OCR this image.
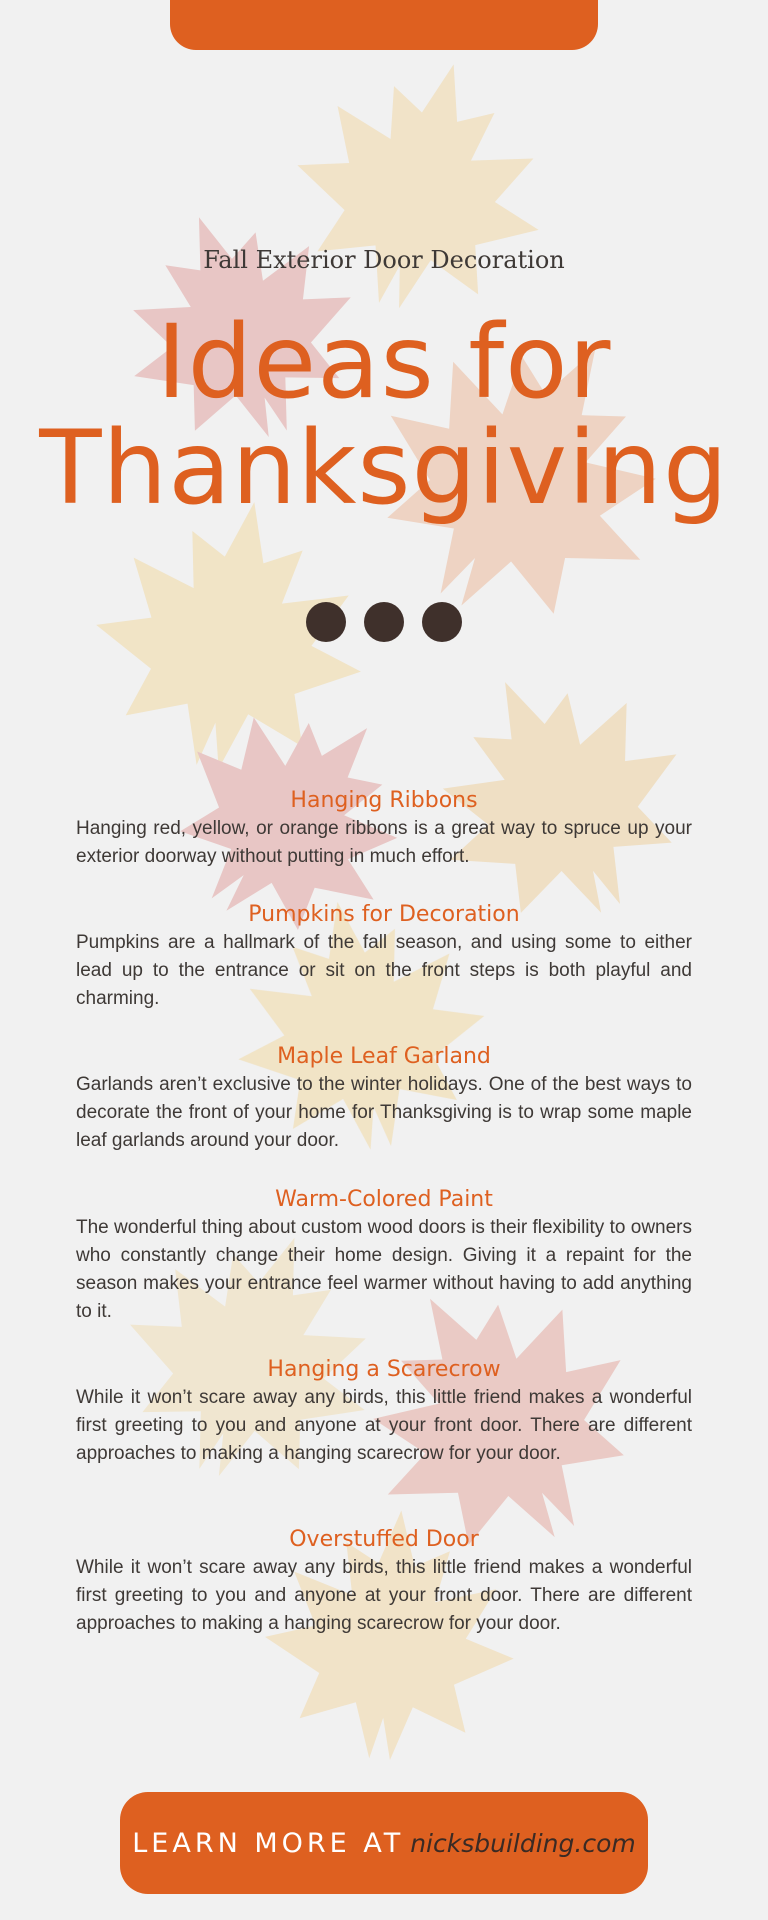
Fall Exterior Door Decoration
Ideas for
Thanksgiving
Hanging Ribbons
Hanging red, yellow, or orange ribbons is a great way to spruce up your exterior doorway without putting in much effort.
Pumpkins for Decoration
Pumpkins are a hallmark of the fall season, and using some to either lead up to the entrance or sit on the front steps is both playful and charming.
Maple Leaf Garland
Garlands aren’t exclusive to the winter holidays. One of the best ways to decorate the front of your home for Thanksgiving is to wrap some maple leaf garlands around your door.
Warm-Colored Paint
The wonderful thing about custom wood doors is their flexibility to owners who constantly change their home design. Giving it a repaint for the season makes your entrance feel warmer without having to add anything to it.
Hanging a Scarecrow
While it won’t scare away any birds, this little friend makes a wonderful first greeting to you and anyone at your front door. There are different approaches to making a hanging scarecrow for your door.
Overstuffed Door
While it won’t scare away any birds, this little friend makes a wonderful first greeting to you and anyone at your front door. There are different approaches to making a hanging scarecrow for your door.
LEARN MORE AT nicksbuilding.com
